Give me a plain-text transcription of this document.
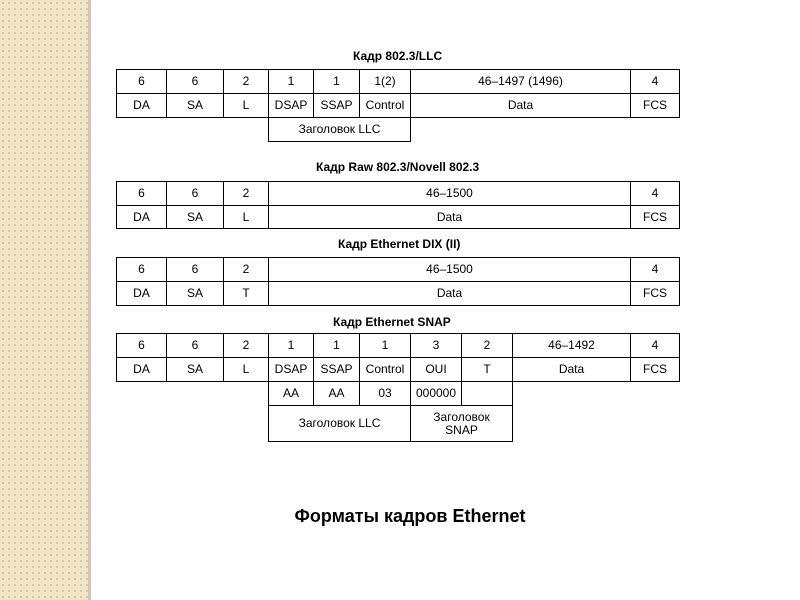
Кадр 802.3/LLC
6	6	2	1	1	1(2)	46–1497 (1496)	4
DA	SA	L	DSAP	SSAP	Control	Data	FCS
Заголовок LLC
Кадр Raw 802.3/Novell 802.3
6	6	2	46–1500	4
DA	SA	L	Data	FCS
Кадр Ethernet DIX (II)
6	6	2	46–1500	4
DA	SA	T	Data	FCS
Кадр Ethernet SNAP
6	6	2	1	1	1	3	2	46–1492	4
DA	SA	L	DSAP	SSAP	Control	OUI	T	Data	FCS
AA	AA	03	000000
Заголовок LLC	Заголовок SNAP
Форматы кадров Ethernet
